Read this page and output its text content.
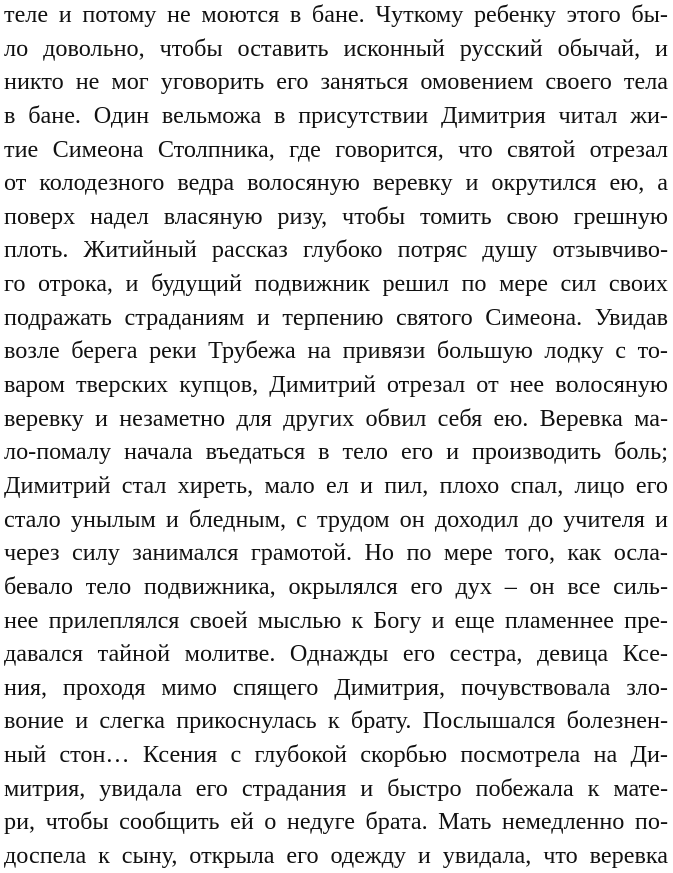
теле и потому не моются в бане. Чуткому ребенку этого бы-
ло довольно, чтобы оставить исконный русский обычай, и
никто не мог уговорить его заняться омовением своего тела
в бане. Один вельможа в присутствии Димитрия читал жи-
тие Симеона Столпника, где говорится, что святой отрезал
от колодезного ведра волосяную веревку и окрутился ею, а
поверх надел власяную ризу, чтобы томить свою грешную
плоть. Житийный рассказ глубоко потряс душу отзывчиво-
го отрока, и будущий подвижник решил по мере сил своих
подражать страданиям и терпению святого Симеона. Увидав
возле берега реки Трубежа на привязи большую лодку с то-
варом тверских купцов, Димитрий отрезал от нее волосяную
веревку и незаметно для других обвил себя ею. Веревка ма-
ло-помалу начала въедаться в тело его и производить боль;
Димитрий стал хиреть, мало ел и пил, плохо спал, лицо его
стало унылым и бледным, с трудом он доходил до учителя и
через силу занимался грамотой. Но по мере того, как осла-
бевало тело подвижника, окрылялся его дух – он все силь-
нее прилеплялся своей мыслью к Богу и еще пламеннее пре-
давался тайной молитве. Однажды его сестра, девица Ксе-
ния, проходя мимо спящего Димитрия, почувствовала зло-
воние и слегка прикоснулась к брату. Послышался болезнен-
ный стон… Ксения с глубокой скорбью посмотрела на Ди-
митрия, увидала его страдания и быстро побежала к мате-
ри, чтобы сообщить ей о недуге брата. Мать немедленно по-
доспела к сыну, открыла его одежду и увидала, что веревка
